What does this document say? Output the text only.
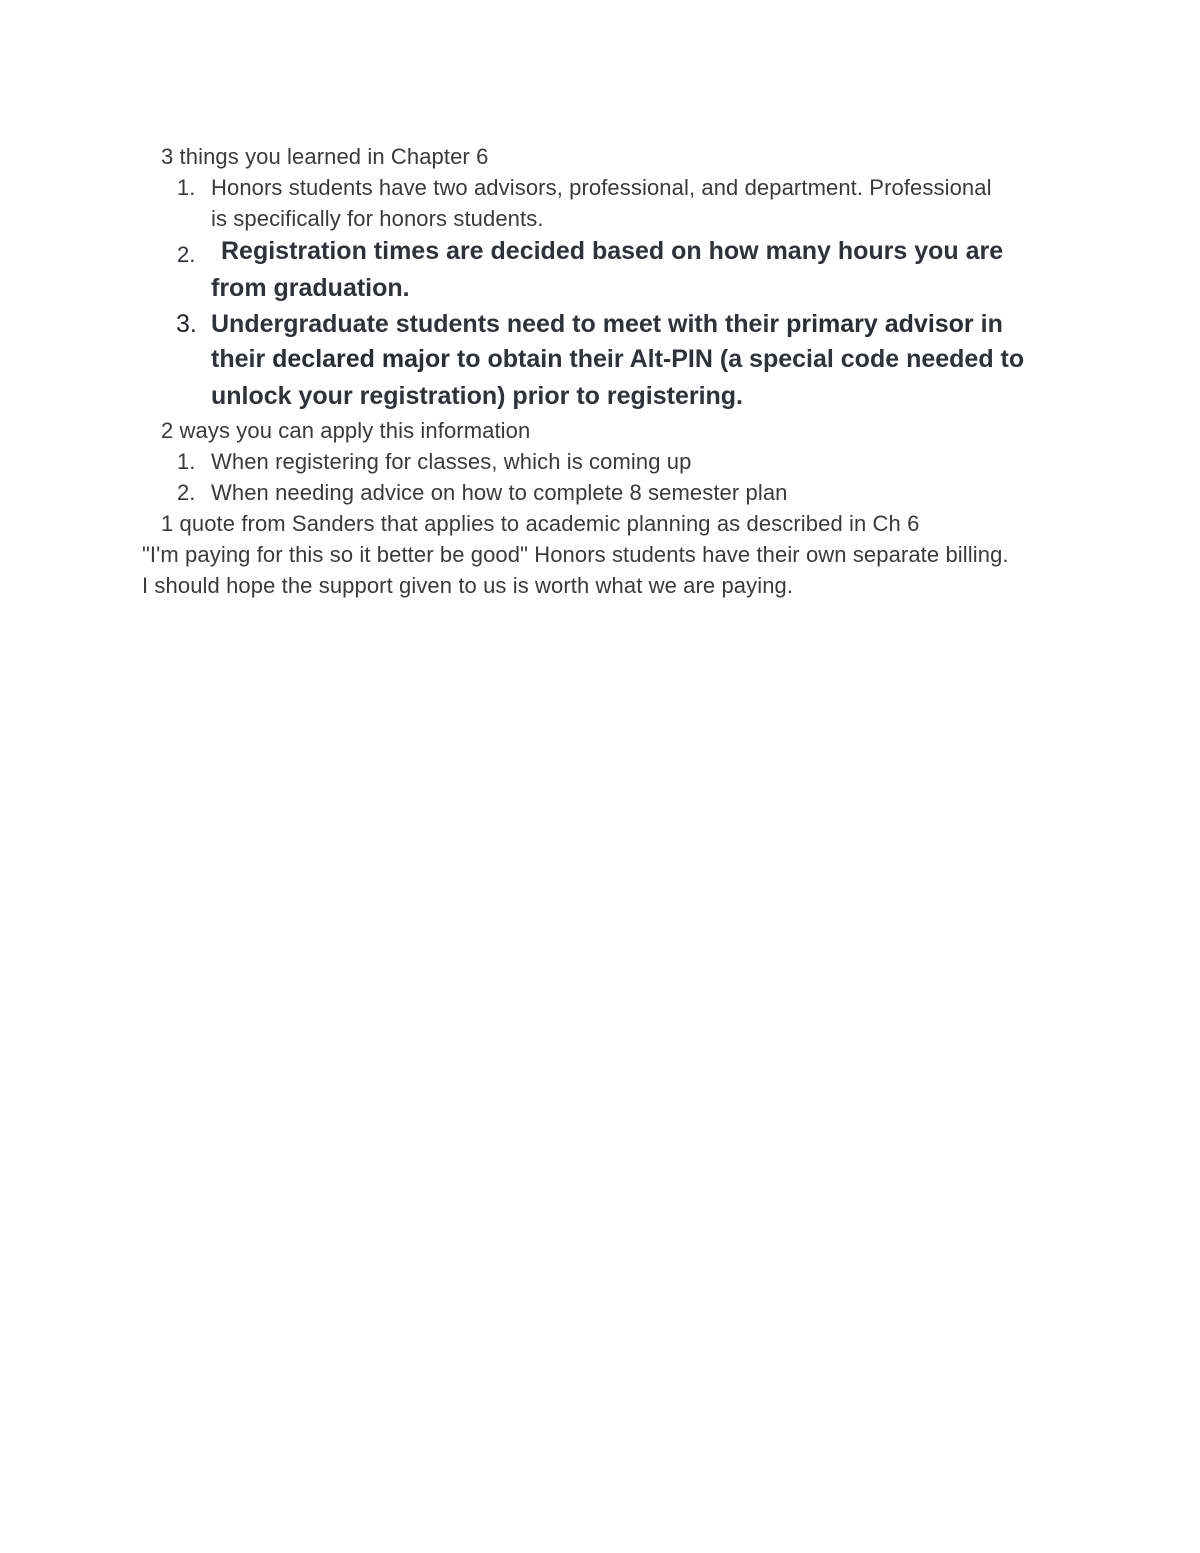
3 things you learned in Chapter 6
1. Honors students have two advisors, professional, and department. Professional
is specifically for honors students.
2. Registration times are decided based on how many hours you are
from graduation.
3. Undergraduate students need to meet with their primary advisor in
their declared major to obtain their Alt-PIN (a special code needed to
unlock your registration) prior to registering.
2 ways you can apply this information
1. When registering for classes, which is coming up
2. When needing advice on how to complete 8 semester plan
1 quote from Sanders that applies to academic planning as described in Ch 6
"I'm paying for this so it better be good" Honors students have their own separate billing.
I should hope the support given to us is worth what we are paying.
